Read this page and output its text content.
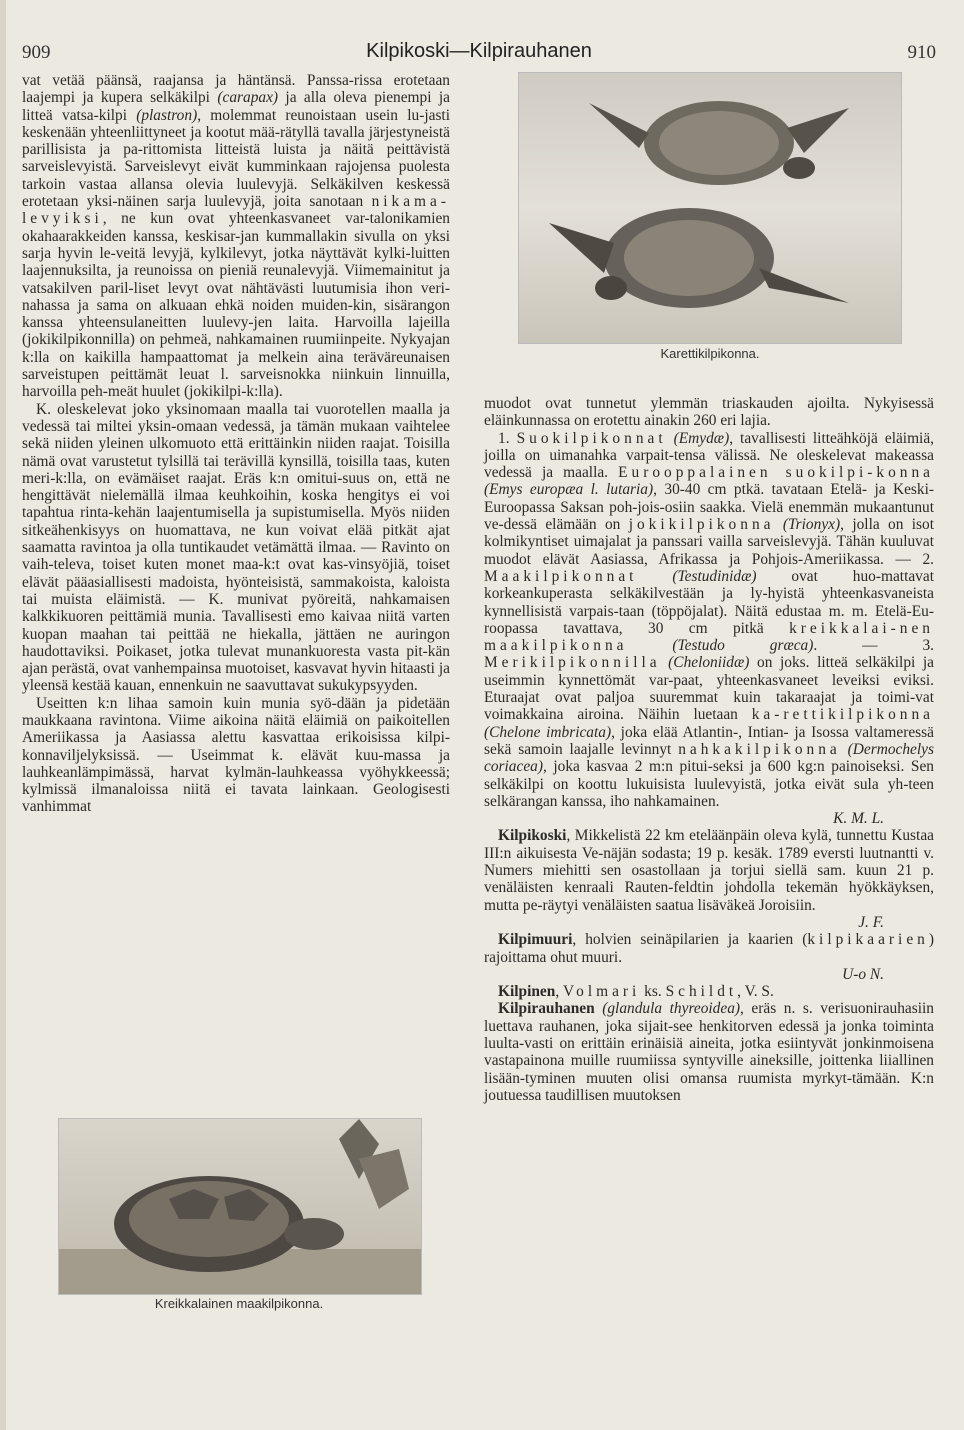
909	Kilpikoski—Kilpirauhanen	910

vat vetää päänsä, raajansa ja häntänsä. Panssa-rissa erotetaan laajempi ja kupera selkäkilpi (carapax) ja alla oleva pienempi ja litteä vatsa-kilpi (plastron), molemmat reunoistaan usein lu-jasti keskenään yhteenliittyneet ja kootut mää-rätyllä tavalla järjestyneistä parillisista ja pa-rittomista litteistä luista ja näitä peittävistä sarveislevyistä. Sarveislevyt eivät kumminkaan rajojensa puolesta tarkoin vastaa allansa olevia luulevyjä. Selkäkilven keskessä erotetaan yksi-näinen sarja luulevyjä, joita sanotaan nikama-levyiksi, ne kun ovat yhteenkasvaneet var-talonikamien okahaarakkeiden kanssa, keskisar-jan kummallakin sivulla on yksi sarja hyvin le-veitä levyjä, kylkilevyt, jotka näyttävät kylki-luitten laajennuksilta, ja reunoissa on pieniä reunalevyjä. Viimemainitut ja vatsakilven paril-liset levyt ovat nähtävästi luutumisia ihon veri-nahassa ja sama on alkuaan ehkä noiden muiden-kin, sisärangon kanssa yhteensulaneitten luulevy-jen laita. Harvoilla lajeilla (jokikilpikonnilla) on pehmeä, nahkamainen ruumiinpeite. Nykyajan k:lla on kaikilla hampaattomat ja melkein aina teräväreunaisen sarveistupen peittämät leuat l. sarveisnokka niinkuin linnuilla, harvoilla peh-meät huulet (jokikilpi-k:lla).

K. oleskelevat joko yksinomaan maalla tai vuorotellen maalla ja vedessä tai miltei yksin-omaan vedessä, ja tämän mukaan vaihtelee sekä niiden yleinen ulkomuoto että erittäinkin niiden raajat. Toisilla nämä ovat varustetut tylsillä tai terävillä kynsillä, toisilla taas, kuten meri-k:lla, on evämäiset raajat. Eräs k:n omitui-suus on, että ne hengittävät nielemällä ilmaa keuhkoihin, koska hengitys ei voi tapahtua rinta-kehän laajentumisella ja supistumisella. Myös niiden sitkeähenkisyys on huomattava, ne kun voivat elää pitkät ajat saamatta ravintoa ja olla tuntikaudet vetämättä ilmaa. — Ravinto on vaih-televa, toiset kuten monet maa-k:t ovat kas-vinsyöjiä, toiset elävät pääasiallisesti madoista, hyönteisistä, sammakoista, kaloista tai muista eläimistä. — K. munivat pyöreitä, nahkamaisen kalkkikuoren peittämiä munia. Tavallisesti emo kaivaa niitä varten kuopan maahan tai peittää ne hiekalla, jättäen ne auringon haudottaviksi. Poikaset, jotka tulevat munankuoresta vasta pit-kän ajan perästä, ovat vanhempainsa muotoiset, kasvavat hyvin hitaasti ja yleensä kestää kauan, ennenkuin ne saavuttavat sukukypsyyden.

Useitten k:n lihaa samoin kuin munia syö-dään ja pidetään maukkaana ravintona. Viime aikoina näitä eläimiä on paikoitellen Ameriikassa ja Aasiassa alettu kasvattaa erikoisissa kilpi-konnaviljelyksissä. — Useimmat k. elävät kuu-massa ja lauhkeanlämpimässä, harvat kylmän-lauhkeassa vyöhykkeessä; kylmissä ilmanaloissa niitä ei tavata lainkaan. Geologisesti vanhimmat

Karettikilpikonna.

muodot ovat tunnetut ylemmän triaskauden ajoilta. Nykyisessä eläinkunnassa on erotettu ainakin 260 eri lajia.

1. Suokilpikonnat (Emydæ), tavallisesti litteähköjä eläimiä, joilla on uimanahka varpait-tensa välissä. Ne oleskelevat makeassa vedessä ja maalla. Eurooppalainen suokilpi-konna (Emys europæa l. lutaria), 30-40 cm ptkä. tavataan Etelä- ja Keski-Euroopassa Saksan poh-jois-osiin saakka. Vielä enemmän mukaantunut ve-dessä elämään on jokikilpikonna (Trionyx), jolla on isot kolmikyntiset uimajalat ja panssari vailla sarveislevyjä. Tähän kuuluvat muodot elävät Aasiassa, Afrikassa ja Pohjois-Ameriikassa. — 2. Maakilpikonnat (Testudinidæ) ovat huo-mattavat korkeankuperasta selkäkilvestään ja ly-hyistä yhteenkasvaneista kynnellisistä varpais-taan (töppöjalat). Näitä edustaa m. m. Etelä-Eu-roopassa tavattava, 30 cm pitkä kreikkalai-nen maakilpikonna (Testudo græca). — 3. Merikilpikonnilla (Cheloniidæ) on joks. litteä selkäkilpi ja useimmin kynnettömät var-paat, yhteenkasvaneet leveiksi eviksi. Eturaajat ovat paljoa suuremmat kuin takaraajat ja toimi-vat voimakkaina airoina. Näihin luetaan ka-rettikilpikonna (Chelone imbricata), joka elää Atlantin-, Intian- ja Isossa valtameressä sekä samoin laajalle levinnyt nahkakilpikonna (Dermochelys coriacea), joka kasvaa 2 m:n pitui-seksi ja 600 kg:n painoiseksi. Sen selkäkilpi on koottu lukuisista luulevyistä, jotka eivät sula yh-teen selkärangan kanssa, iho nahkamainen.

K. M. L.

Kilpikoski, Mikkelistä 22 km eteläänpäin oleva kylä, tunnettu Kustaa III:n aikuisesta Ve-näjän sodasta; 19 p. kesäk. 1789 eversti luutnantti v. Numers miehitti sen osastollaan ja torjui siellä sam. kuun 21 p. venäläisten kenraali Rauten-feldtin johdolla tekemän hyökkäyksen, mutta pe-räytyi venäläisten saatua lisäväkeä Joroisiin.

J. F.

Kilpimuuri, holvien seinäpilarien ja kaarien (kilpikaarien) rajoittama ohut muuri.

U-o N.

Kilpinen, Volmari ks. Schildt, V. S.

Kilpirauhanen (glandula thyreoidea), eräs n. s. verisuonirauhasiin luettava rauhanen, joka sijait-see henkitorven edessä ja jonka toiminta luulta-vasti on erittäin erinäisiä aineita, jotka esiintyvät jonkinmoisena vastapainona muille ruumiissa syntyville aineksille, joittenka liiallinen lisään-tyminen muuten olisi omansa ruumista myrkyt-tämään. K:n joutuessa taudillisen muutoksen

Kreikkalainen maakilpikonna.
